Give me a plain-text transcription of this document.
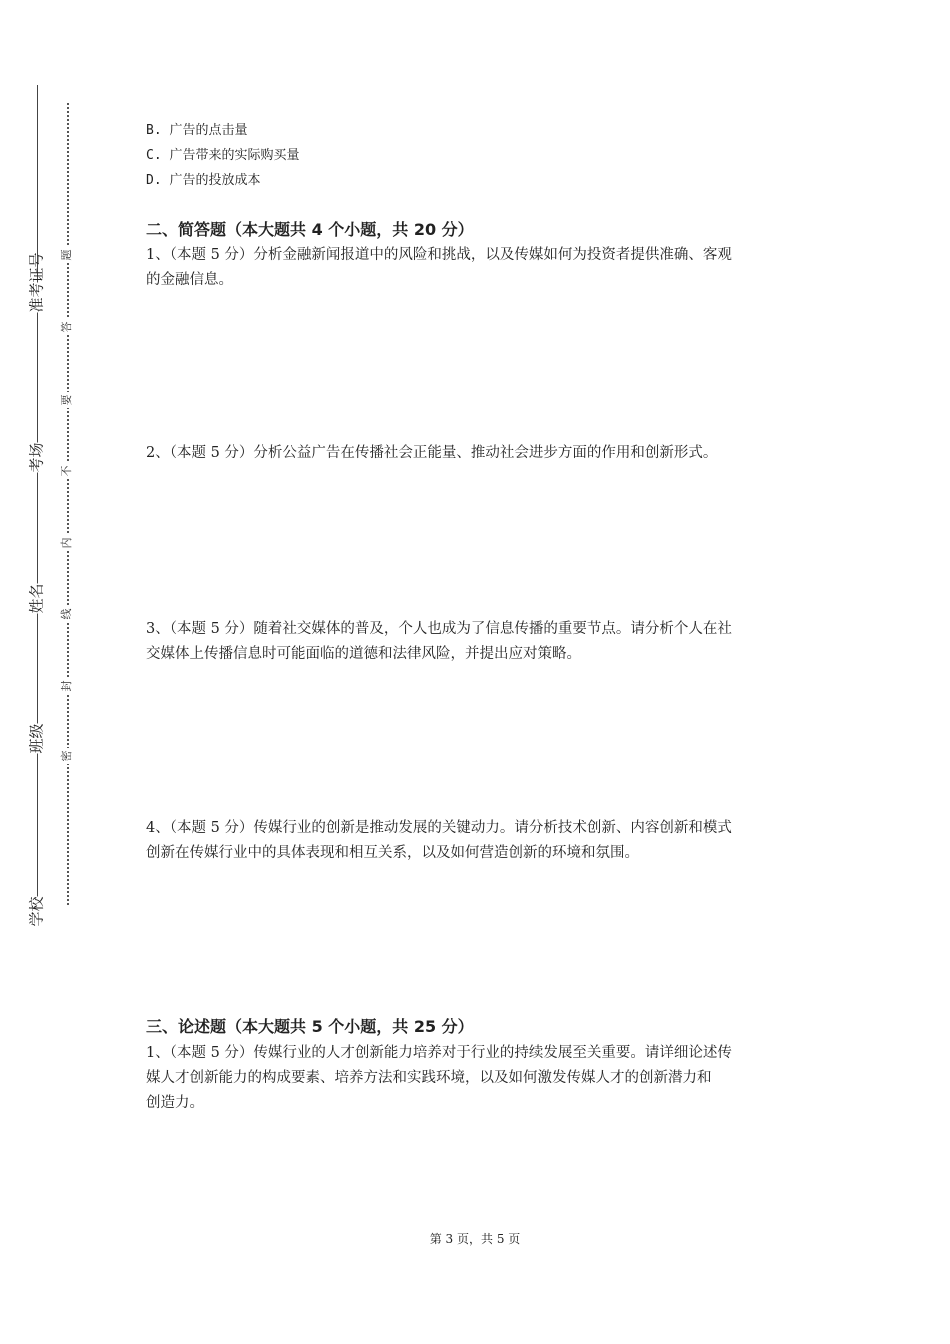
准考证号
考场
姓名
班级
学校
题
答
要
不
内
线
封
密
B. 广告的点击量
C. 广告带来的实际购买量
D. 广告的投放成本
二、简答题（本大题共 4 个小题，共 20 分）
1、（本题 5 分）分析金融新闻报道中的风险和挑战，以及传媒如何为投资者提供准确、客观
的金融信息。
2、（本题 5 分）分析公益广告在传播社会正能量、推动社会进步方面的作用和创新形式。
3、（本题 5 分）随着社交媒体的普及，个人也成为了信息传播的重要节点。请分析个人在社
交媒体上传播信息时可能面临的道德和法律风险，并提出应对策略。
4、（本题 5 分）传媒行业的创新是推动发展的关键动力。请分析技术创新、内容创新和模式
创新在传媒行业中的具体表现和相互关系，以及如何营造创新的环境和氛围。
三、论述题（本大题共 5 个小题，共 25 分）
1、（本题 5 分）传媒行业的人才创新能力培养对于行业的持续发展至关重要。请详细论述传
媒人才创新能力的构成要素、培养方法和实践环境，以及如何激发传媒人才的创新潜力和
创造力。
第 3 页，共 5 页
